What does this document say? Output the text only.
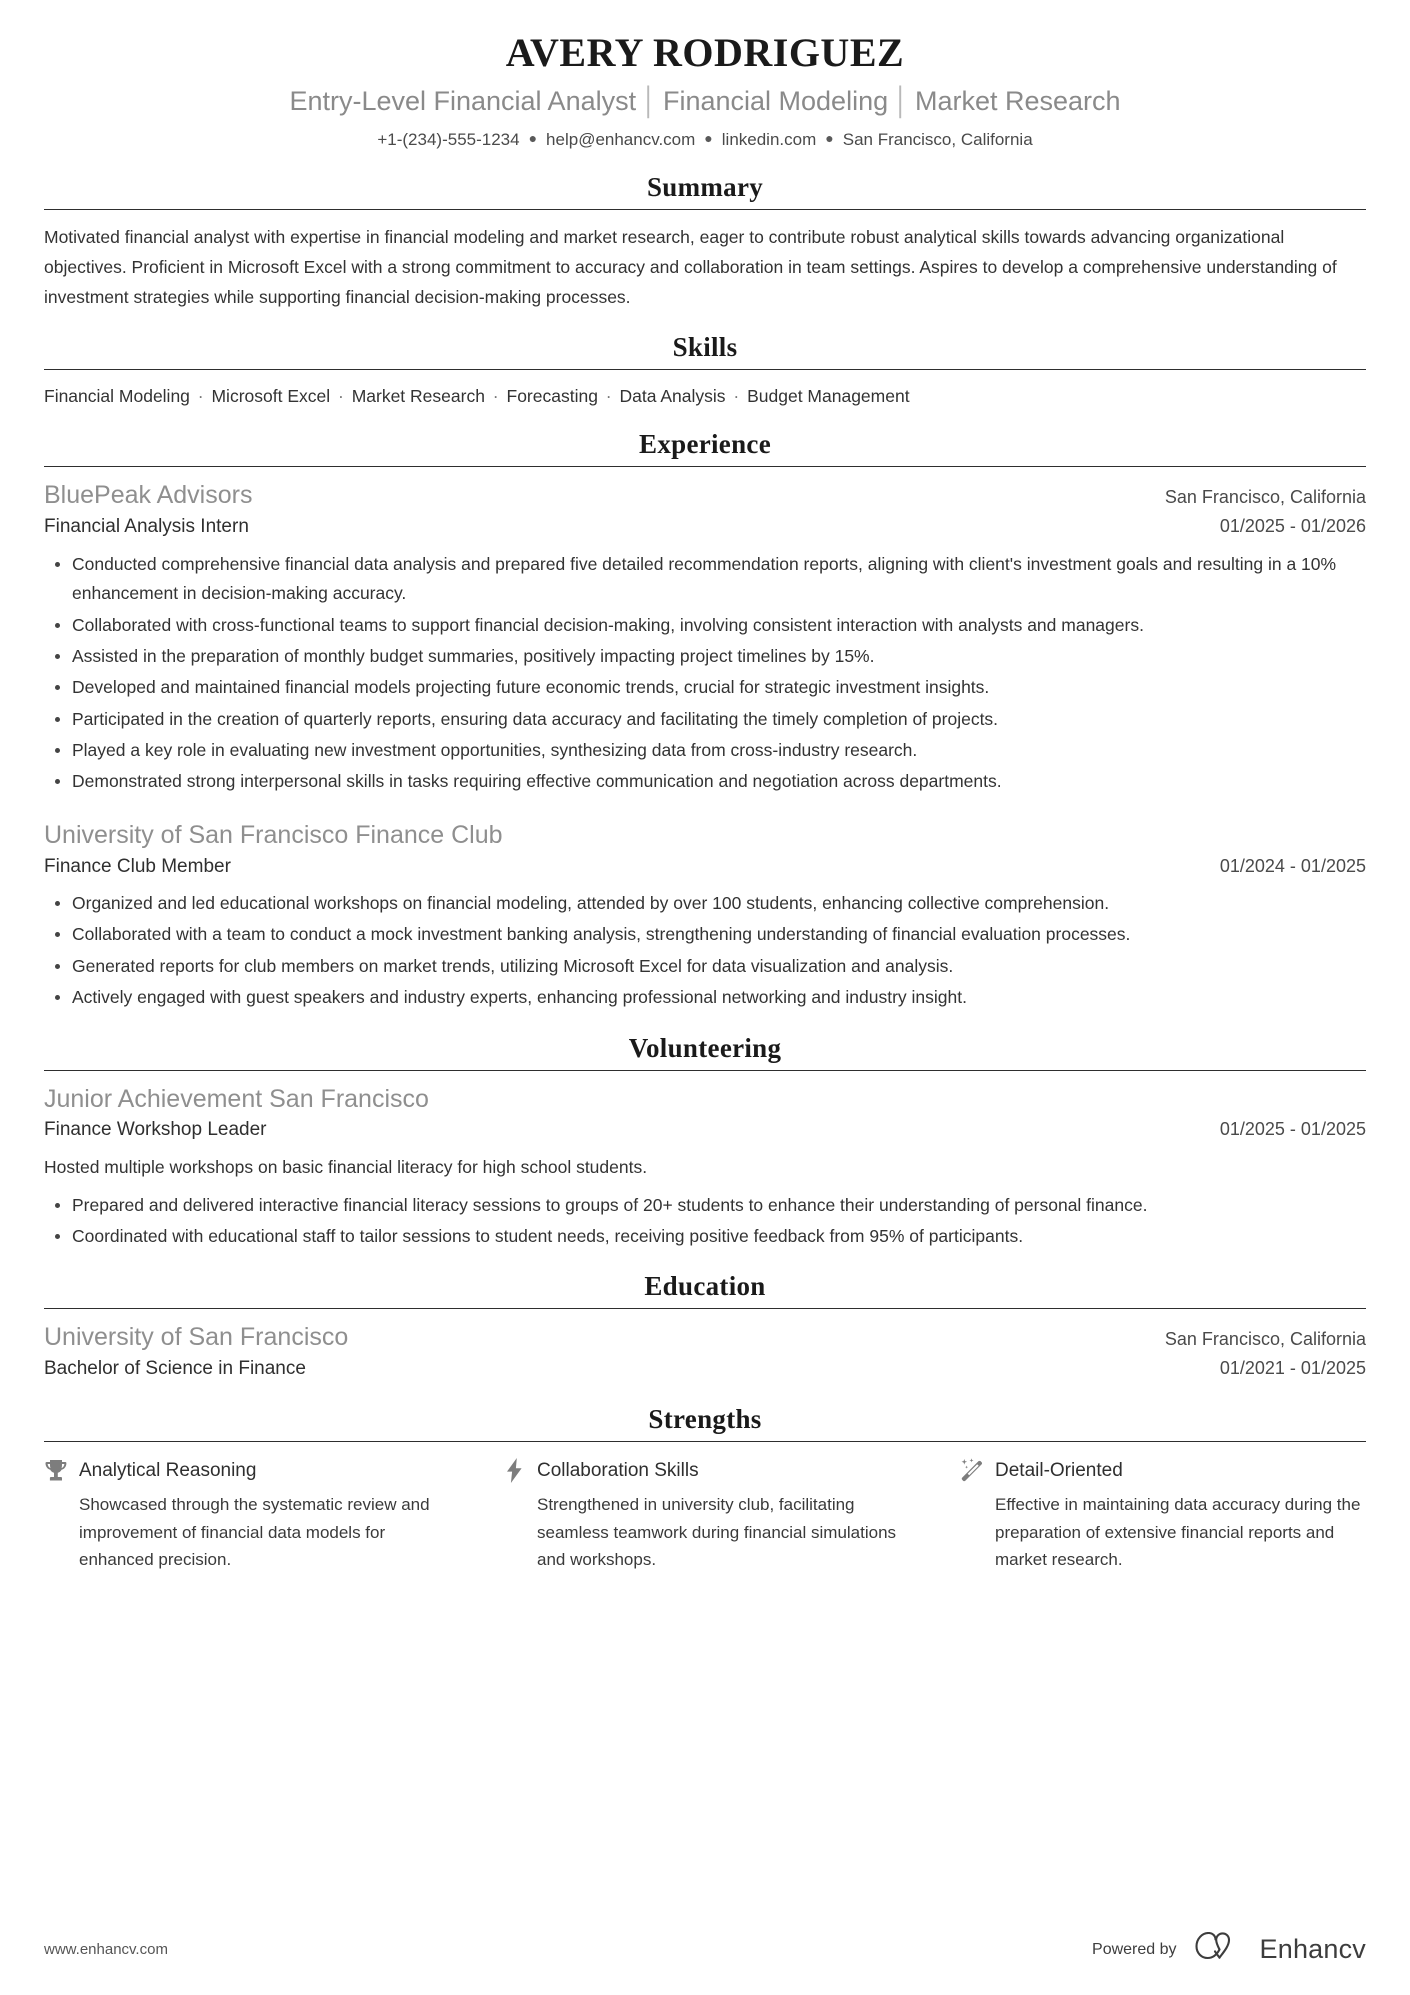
AVERY RODRIGUEZ
Entry-Level Financial Analyst │ Financial Modeling │ Market Research
+1-(234)-555-1234 ● help@enhancv.com ● linkedin.com ● San Francisco, California
Summary
Motivated financial analyst with expertise in financial modeling and market research, eager to contribute robust analytical skills towards advancing organizational objectives. Proficient in Microsoft Excel with a strong commitment to accuracy and collaboration in team settings. Aspires to develop a comprehensive understanding of investment strategies while supporting financial decision-making processes.
Skills
Financial Modeling · Microsoft Excel · Market Research · Forecasting · Data Analysis · Budget Management
Experience
BluePeak Advisors	San Francisco, California
Financial Analysis Intern	01/2025 - 01/2026
Conducted comprehensive financial data analysis and prepared five detailed recommendation reports, aligning with client's investment goals and resulting in a 10% enhancement in decision-making accuracy.
Collaborated with cross-functional teams to support financial decision-making, involving consistent interaction with analysts and managers.
Assisted in the preparation of monthly budget summaries, positively impacting project timelines by 15%.
Developed and maintained financial models projecting future economic trends, crucial for strategic investment insights.
Participated in the creation of quarterly reports, ensuring data accuracy and facilitating the timely completion of projects.
Played a key role in evaluating new investment opportunities, synthesizing data from cross-industry research.
Demonstrated strong interpersonal skills in tasks requiring effective communication and negotiation across departments.
University of San Francisco Finance Club
Finance Club Member	01/2024 - 01/2025
Organized and led educational workshops on financial modeling, attended by over 100 students, enhancing collective comprehension.
Collaborated with a team to conduct a mock investment banking analysis, strengthening understanding of financial evaluation processes.
Generated reports for club members on market trends, utilizing Microsoft Excel for data visualization and analysis.
Actively engaged with guest speakers and industry experts, enhancing professional networking and industry insight.
Volunteering
Junior Achievement San Francisco
Finance Workshop Leader	01/2025 - 01/2025
Hosted multiple workshops on basic financial literacy for high school students.
Prepared and delivered interactive financial literacy sessions to groups of 20+ students to enhance their understanding of personal finance.
Coordinated with educational staff to tailor sessions to student needs, receiving positive feedback from 95% of participants.
Education
University of San Francisco	San Francisco, California
Bachelor of Science in Finance	01/2021 - 01/2025
Strengths
Analytical Reasoning
Showcased through the systematic review and improvement of financial data models for enhanced precision.
Collaboration Skills
Strengthened in university club, facilitating seamless teamwork during financial simulations and workshops.
Detail-Oriented
Effective in maintaining data accuracy during the preparation of extensive financial reports and market research.
www.enhancv.com	Powered by	Enhancv
